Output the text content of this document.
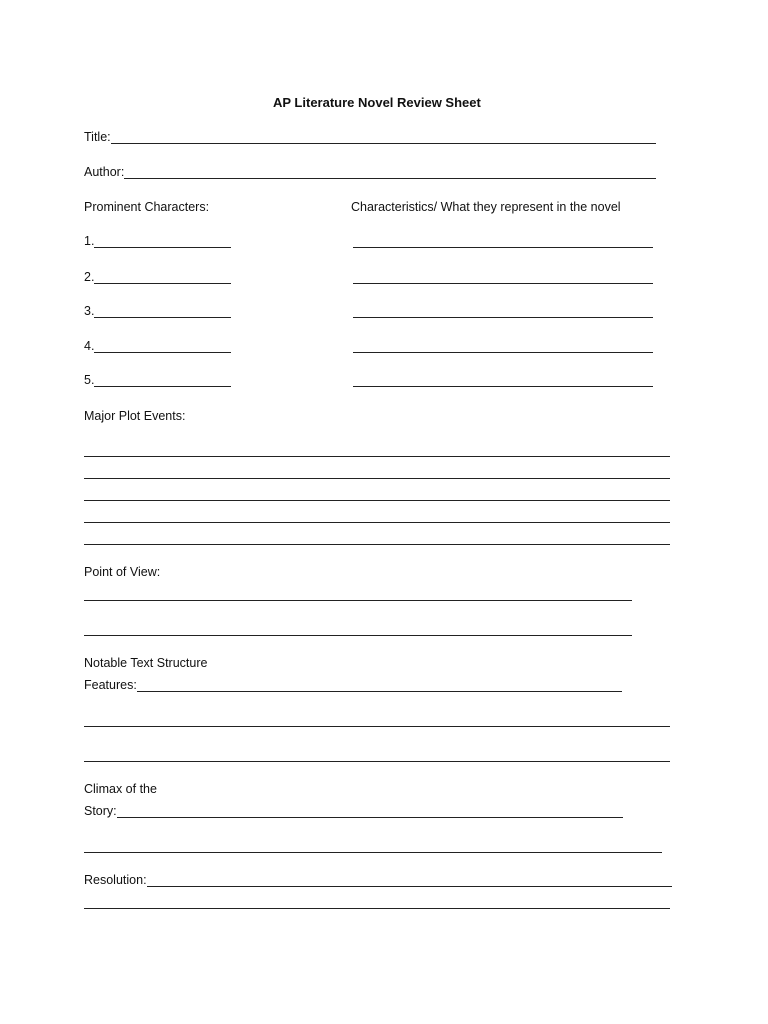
AP Literature Novel Review Sheet
Title:
Author:
Prominent Characters:	Characteristics/ What they represent in the novel
1.
2.
3.
4.
5.
Major Plot Events:
Point of View:
Notable Text Structure
Features:
Climax of the
Story:
Resolution:
